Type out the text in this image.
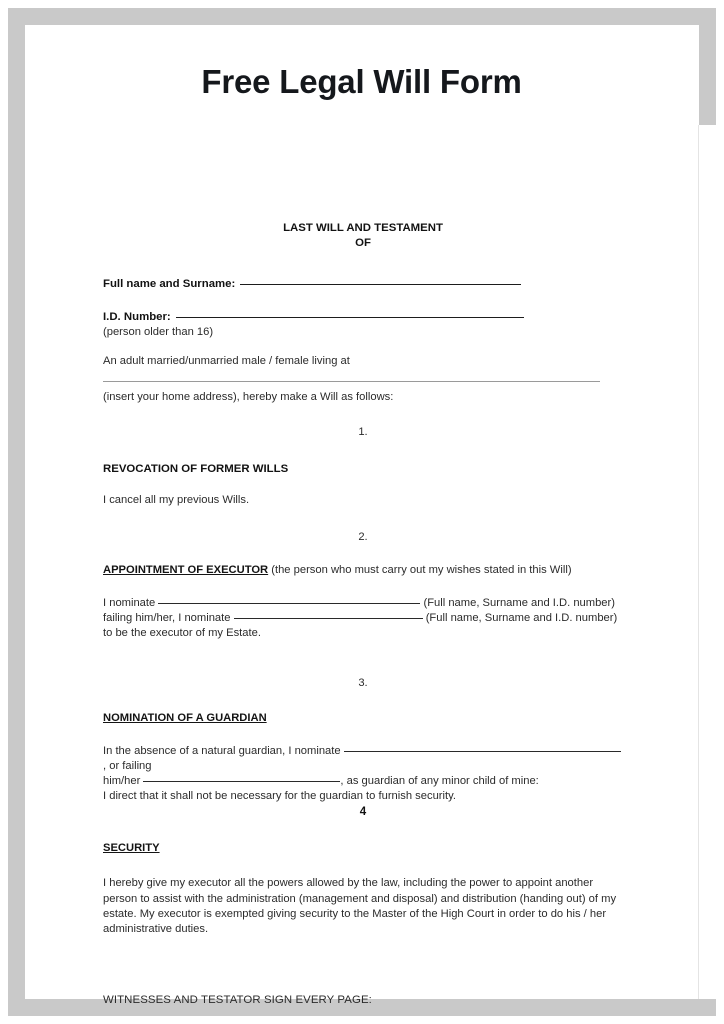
Free Legal Will Form
LAST WILL AND TESTAMENT
OF
Full name and Surname:
I.D. Number:
(person older than 16)
An adult married/unmarried male / female living at
(insert your home address), hereby make a Will as follows:
1.
REVOCATION OF FORMER WILLS
I cancel all my previous Wills.
2.
APPOINTMENT OF EXECUTOR (the person who must carry out my wishes stated in this Will)
I nominate	(Full name, Surname and I.D. number)
failing him/her, I nominate	(Full name, Surname and I.D. number)
to be the executor of my Estate.
3.
NOMINATION OF A GUARDIAN
In the absence of a natural guardian, I nominate , or failing
him/her	, as guardian of any minor child of mine:
I direct that it shall not be necessary for the guardian to furnish security.
4
SECURITY
I hereby give my executor all the powers allowed by the law, including the power to appoint another person to assist with the administration (management and disposal) and distribution (handing out) of my estate. My executor is exempted giving security to the Master of the High Court in order to do his / her administrative duties.
WITNESSES AND TESTATOR SIGN EVERY PAGE:
